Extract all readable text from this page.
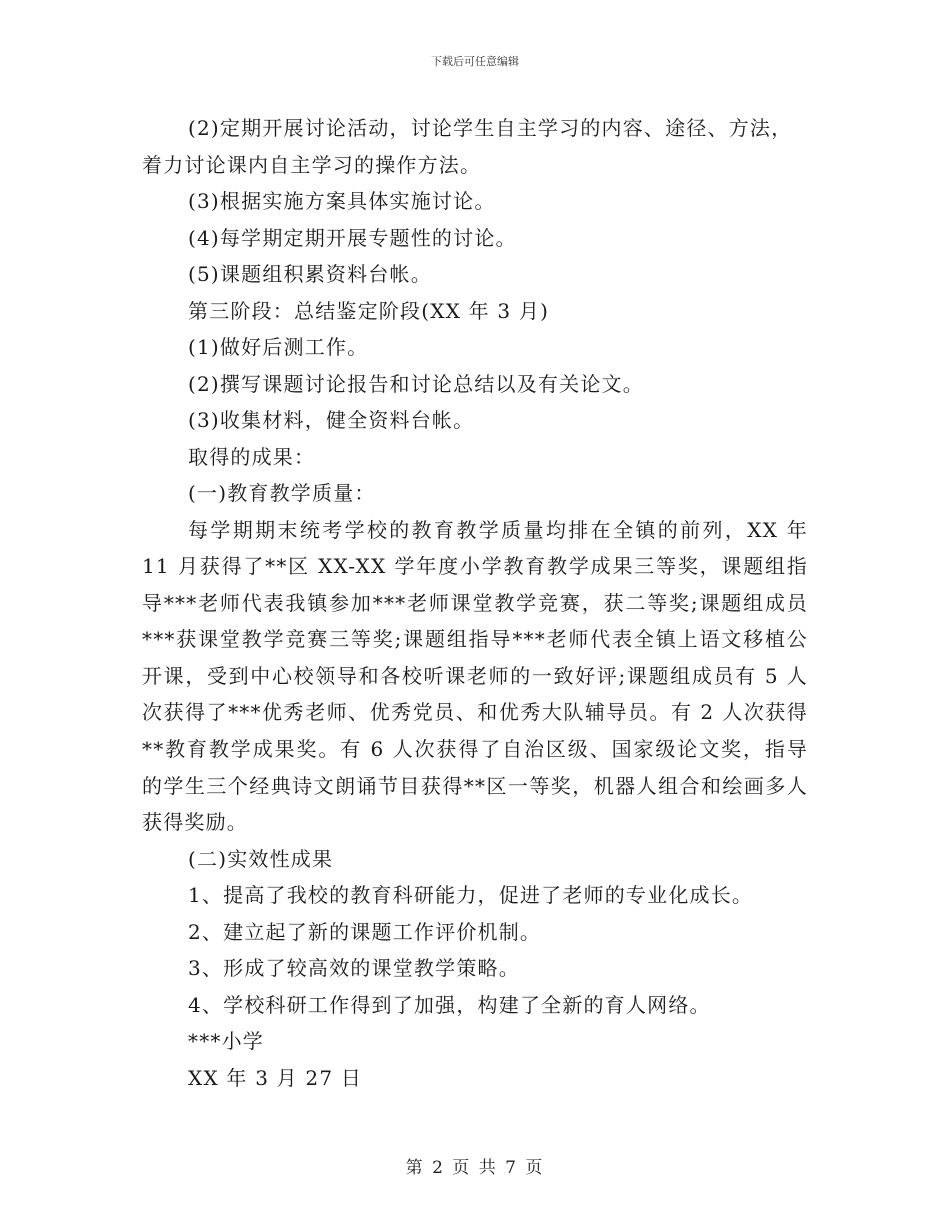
下载后可任意编辑
(2)定期开展讨论活动，讨论学生自主学习的内容、途径、方法，
着力讨论课内自主学习的操作方法。
(3)根据实施方案具体实施讨论。
(4)每学期定期开展专题性的讨论。
(5)课题组积累资料台帐。
第三阶段：总结鉴定阶段(XX 年 3 月)
(1)做好后测工作。
(2)撰写课题讨论报告和讨论总结以及有关论文。
(3)收集材料，健全资料台帐。
取得的成果：
(一)教育教学质量：
每学期期末统考学校的教育教学质量均排在全镇的前列，XX 年 11 月获得了**区 XX-XX 学年度小学教育教学成果三等奖，课题组指导***老师代表我镇参加***老师课堂教学竞赛，获二等奖;课题组成员***获课堂教学竞赛三等奖;课题组指导***老师代表全镇上语文移植公开课，受到中心校领导和各校听课老师的一致好评;课题组成员有 5 人次获得了***优秀老师、优秀党员、和优秀大队辅导员。有 2 人次获得**教育教学成果奖。有 6 人次获得了自治区级、国家级论文奖，指导的学生三个经典诗文朗诵节目获得**区一等奖，机器人组合和绘画多人获得奖励。
(二)实效性成果
1、提高了我校的教育科研能力，促进了老师的专业化成长。
2、建立起了新的课题工作评价机制。
3、形成了较高效的课堂教学策略。
4、学校科研工作得到了加强，构建了全新的育人网络。
***小学
XX 年 3 月 27 日
第 2 页 共 7 页
